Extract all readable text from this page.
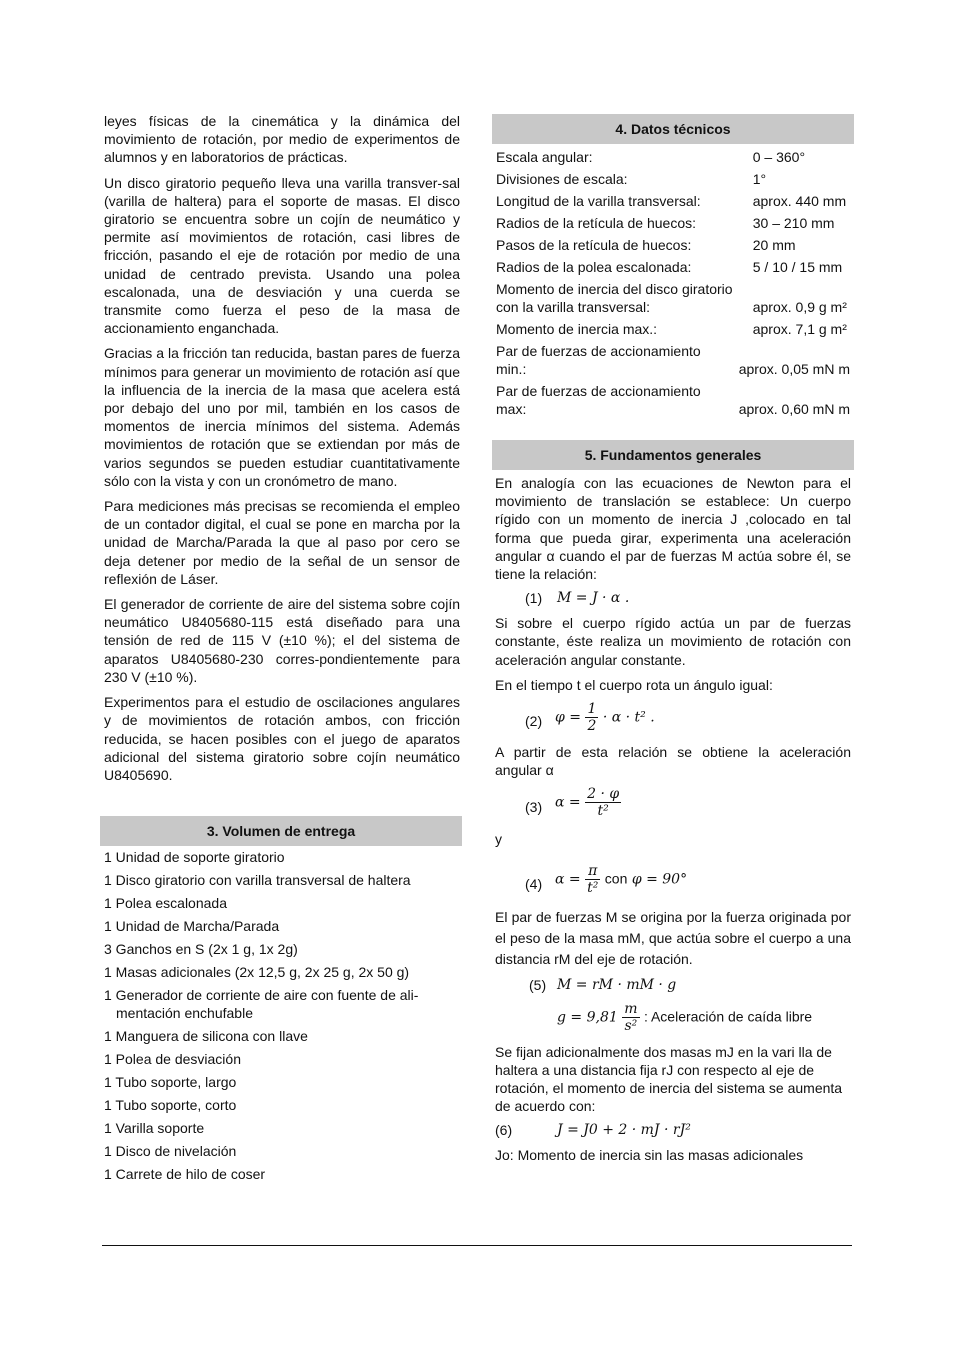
leyes físicas de la cinemática y la dinámica del movimiento de rotación, por medio de experimentos de alumnos y en laboratorios de prácticas.

Un disco giratorio pequeño lleva una varilla transver-sal (varilla de haltera) para el soporte de masas. El disco giratorio se encuentra sobre un cojín de neumático y permite así movimientos de rotación, casi libres de fricción, pasando el eje de rotación por medio de una unidad de centrado prevista. Usando una polea escalonada, una de desviación y una cuerda se transmite como fuerza el peso de la masa de accionamiento enganchada.

Gracias a la fricción tan reducida, bastan pares de fuerza mínimos para generar un movimiento de rotación así que la influencia de la inercia de la masa que acelera está por debajo del uno por mil, también en los casos de momentos de inercia mínimos del sistema. Además movimientos de rotación que se extiendan por más de varios segundos se pueden estudiar cuantitativamente sólo con la vista y con un cronómetro de mano.

Para mediciones más precisas se recomienda el empleo de un contador digital, el cual se pone en marcha por la unidad de Marcha/Parada la que al paso por cero se deja detener por medio de la señal de un sensor de reflexión de Láser.

El generador de corriente de aire del sistema sobre cojín neumático U8405680-115 está diseñado para una tensión de red de 115 V (±10 %); el del sistema de aparatos U8405680-230 corres-pondientemente para 230 V (±10 %).

Experimentos para el estudio de oscilaciones angulares y de movimientos de rotación ambos, con fricción reducida, se hacen posibles con el juego de aparatos adicional del sistema giratorio sobre cojín neumático U8405690.

3. Volumen de entrega
1 Unidad de soporte giratorio
1 Disco giratorio con varilla transversal de haltera
1 Polea escalonada
1 Unidad de Marcha/Parada
3 Ganchos en S (2x 1 g, 1x 2g)
1 Masas adicionales (2x 12,5 g, 2x 25 g, 2x 50 g)
1 Generador de corriente de aire con fuente de ali- mentación enchufable
1 Manguera de silicona con llave
1 Polea de desviación
1 Tubo soporte, largo
1 Tubo soporte, corto
1 Varilla soporte
1 Disco de nivelación
1 Carrete de hilo de coser
4. Datos técnicos
Escala angular:	0 – 360°
Divisiones de escala:	1°
Longitud de la varilla transversal:	aprox. 440 mm
Radios de la retícula de huecos:	30 – 210 mm
Pasos de la retícula de huecos:	20 mm
Radios de la polea escalonada:	5 / 10 / 15 mm
Momento de inercia del disco giratorio con la varilla transversal:	aprox. 0,9 g m²
Momento de inercia max.:	aprox. 7,1 g m²
Par de fuerzas de accionamiento min.:	aprox. 0,05 mN m
Par de fuerzas de accionamiento max:	aprox. 0,60 mN m
5. Fundamentos generales

En analogía con las ecuaciones de Newton para el movimiento de translación se establece: Un cuerpo rígido con un momento de inercia J ,colocado en tal forma que pueda girar, experimenta una aceleración angular α cuando el par de fuerzas M actúa sobre él, se tiene la relación:

(1) M = J · α .

Si sobre el cuerpo rígido actúa un par de fuerzas constante, éste realiza un movimiento de rotación con aceleración angular constante.

En el tiempo t el cuerpo rota un ángulo igual:

(2) $\varphi = \frac{1}{2} \cdot \alpha \cdot t^2$ .

A partir de esta relación se obtiene la aceleración angular α

(3) $\alpha = \frac{2 \cdot \varphi}{\text{t²}}$

y

(4) $\alpha = \frac{\pi}{\text{t²}}$ con φ = 90°

El par de fuerzas M se origina por la fuerza originada por el peso de la masa mM, que actúa sobre el cuerpo a una distancia rM del eje de rotación.

(5) M = rM · mM · g
$g = 9,81 \frac{m}{\text{s²}}$ : Aceleración de caída libre

Se fijan adicionalmente dos masas mJ en la vari lla de haltera a una distancia fija rJ con respecto al eje de rotación, el momento de inercia del sistema se aumenta de acuerdo con:

(6)	J = J0 + 2 · mJ · rJ²

Jo: Momento de inercia sin las masas adicionales
